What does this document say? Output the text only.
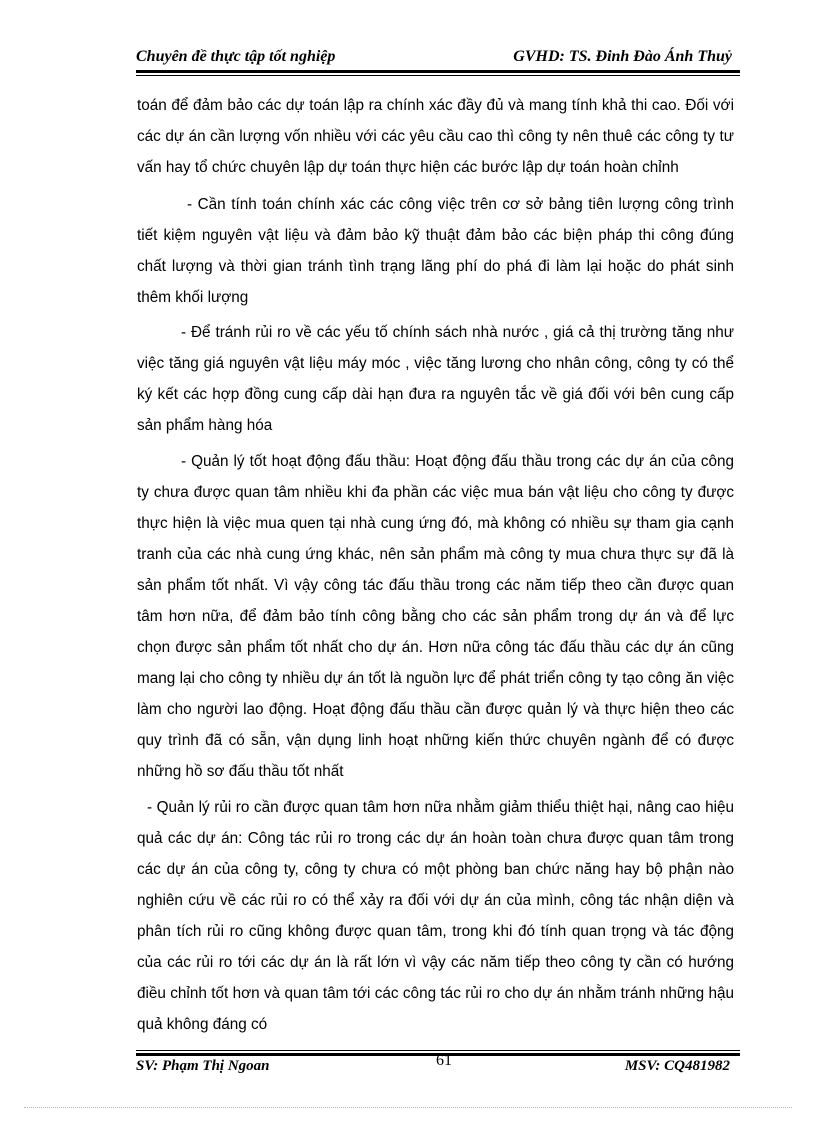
Chuyên đề thực tập tốt nghiệp	GVHD: TS. Đinh Đào Ánh Thuỷ

toán để đảm bảo các dự toán lập ra chính xác đầy đủ và mang tính khả thi cao. Đối với các dự án cần lượng vốn nhiều với các yêu cầu cao thì công ty nên thuê các công ty tư vấn hay tổ chức chuyên lập dự toán thực hiện các bước lập dự toán hoàn chỉnh

- Cần tính toán chính xác các công việc trên cơ sở bảng tiên lượng công trình tiết kiệm nguyên vật liệu và đảm bảo kỹ thuật đảm bảo các biện pháp thi công đúng chất lượng và thời gian tránh tình trạng lãng phí do phá đi làm lại hoặc do phát sinh thêm khối lượng

- Để tránh rủi ro về các yếu tố chính sách nhà nước , giá cả thị trường tăng như việc tăng giá nguyên vật liệu máy móc , việc tăng lương cho nhân công, công ty có thể ký kết các hợp đồng cung cấp dài hạn đưa ra nguyên tắc về giá đối với bên cung cấp sản phẩm hàng hóa

- Quản lý tốt hoạt động đấu thầu: Hoạt động đấu thầu trong các dự án của công ty chưa được quan tâm nhiều khi đa phần các việc mua bán vật liệu cho công ty được thực hiện là việc mua quen tại nhà cung ứng đó, mà không có nhiều sự tham gia cạnh tranh của các nhà cung ứng khác, nên sản phẩm mà công ty mua chưa thực sự đã là sản phẩm tốt nhất. Vì vậy công tác đấu thầu trong các năm tiếp theo cần được quan tâm hơn nữa, để đảm bảo tính công bằng cho các sản phẩm trong dự án và để lực chọn được sản phẩm tốt nhất cho dự án. Hơn nữa công tác đấu thầu các dự án cũng mang lại cho công ty nhiều dự án tốt là nguồn lực để phát triển công ty tạo công ăn việc làm cho người lao động. Hoạt động đấu thầu cần được quản lý và thực hiện theo các quy trình đã có sẵn, vận dụng linh hoạt những kiến thức chuyên ngành để có được những hồ sơ đấu thầu tốt nhất

- Quản lý rủi ro cần được quan tâm hơn nữa nhằm giảm thiểu thiệt hại, nâng cao hiệu quả các dự án: Công tác rủi ro trong các dự án hoàn toàn chưa được quan tâm trong các dự án của công ty, công ty chưa có một phòng ban chức năng hay bộ phận nào nghiên cứu về các rủi ro có thể xảy ra đối với dự án của mình, công tác nhận diện và phân tích rủi ro cũng không được quan tâm, trong khi đó tính quan trọng và tác động của các rủi ro tới các dự án là rất lớn vì vậy các năm tiếp theo công ty cần có hướng điều chỉnh tốt hơn và quan tâm tới các công tác rủi ro cho dự án nhằm tránh những hậu quả không đáng có

SV: Phạm Thị Ngoan	61	MSV: CQ481982
